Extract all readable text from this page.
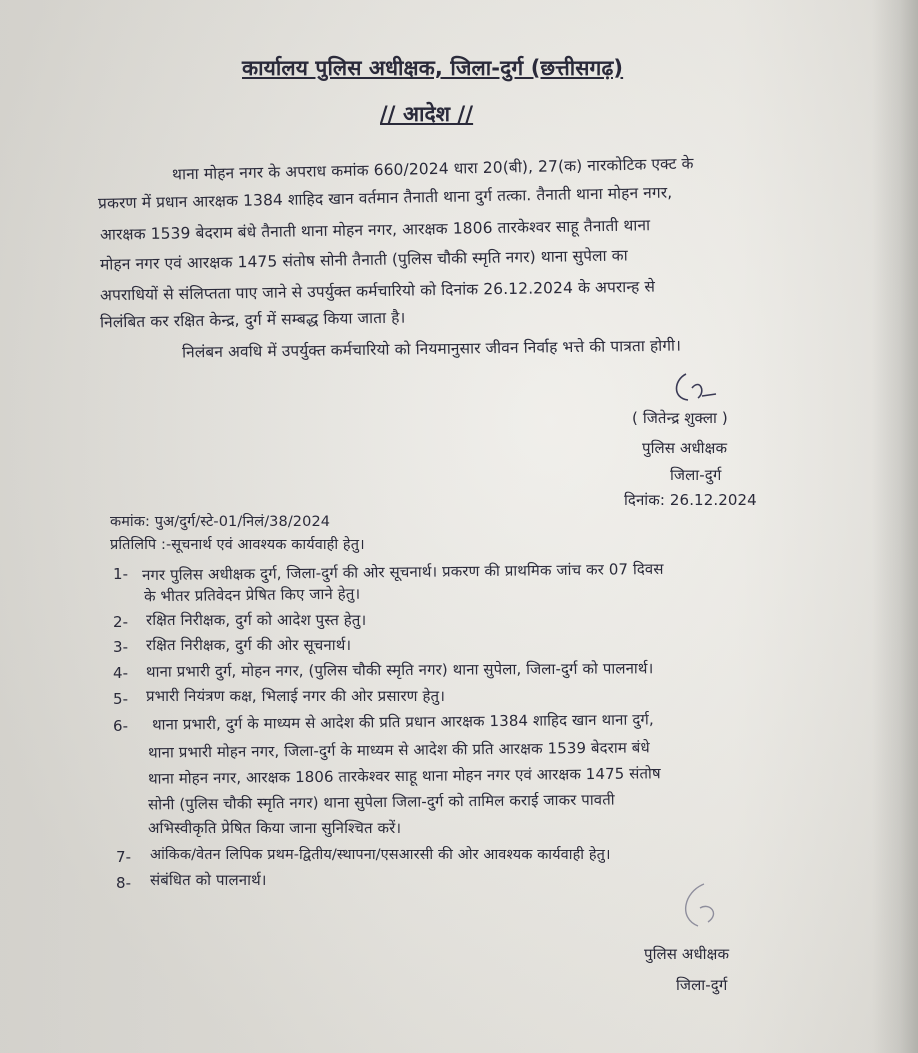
कार्यालय पुलिस अधीक्षक, जिला-दुर्ग (छत्तीसगढ़)
// आदेश //
थाना मोहन नगर के अपराध कमांक 660/2024 धारा 20(बी), 27(क) नारकोटिक एक्ट के
प्रकरण में प्रधान आरक्षक 1384 शाहिद खान वर्तमान तैनाती थाना दुर्ग तत्का. तैनाती थाना मोहन नगर,
आरक्षक 1539 बेदराम बंधे तैनाती थाना मोहन नगर, आरक्षक 1806 तारकेश्वर साहू तैनाती थाना
मोहन नगर एवं आरक्षक 1475 संतोष सोनी तैनाती (पुलिस चौकी स्मृति नगर) थाना सुपेला का
अपराधियों से संलिप्तता पाए जाने से उपर्युक्त कर्मचारियो को दिनांक 26.12.2024 के अपरान्ह से
निलंबित कर रक्षित केन्द्र, दुर्ग में सम्बद्ध किया जाता है।
निलंबन अवधि में उपर्युक्त कर्मचारियो को नियमानुसार जीवन निर्वाह भत्ते की पात्रता होगी।
( जितेन्द्र शुक्ला )
पुलिस अधीक्षक
जिला-दुर्ग
दिनांक: 26.12.2024
कमांक: पुअ/दुर्ग/स्टे-01/निलं/38/2024
प्रतिलिपि :-सूचनार्थ एवं आवश्यक कार्यवाही हेतु।
1- नगर पुलिस अधीक्षक दुर्ग, जिला-दुर्ग की ओर सूचनार्थ। प्रकरण की प्राथमिक जांच कर 07 दिवस
के भीतर प्रतिवेदन प्रेषित किए जाने हेतु।
2- रक्षित निरीक्षक, दुर्ग को आदेश पुस्त हेतु।
3- रक्षित निरीक्षक, दुर्ग की ओर सूचनार्थ।
4- थाना प्रभारी दुर्ग, मोहन नगर, (पुलिस चौकी स्मृति नगर) थाना सुपेला, जिला-दुर्ग को पालनार्थ।
5- प्रभारी नियंत्रण कक्ष, भिलाई नगर की ओर प्रसारण हेतु।
6- थाना प्रभारी, दुर्ग के माध्यम से आदेश की प्रति प्रधान आरक्षक 1384 शाहिद खान थाना दुर्ग,
थाना प्रभारी मोहन नगर, जिला-दुर्ग के माध्यम से आदेश की प्रति आरक्षक 1539 बेदराम बंधे
थाना मोहन नगर, आरक्षक 1806 तारकेश्वर साहू थाना मोहन नगर एवं आरक्षक 1475 संतोष
सोनी (पुलिस चौकी स्मृति नगर) थाना सुपेला जिला-दुर्ग को तामिल कराई जाकर पावती
अभिस्वीकृति प्रेषित किया जाना सुनिश्चित करें।
7- आंकिक/वेतन लिपिक प्रथम-द्वितीय/स्थापना/एसआरसी की ओर आवश्यक कार्यवाही हेतु।
8- संबंधित को पालनार्थ।
पुलिस अधीक्षक
जिला-दुर्ग
